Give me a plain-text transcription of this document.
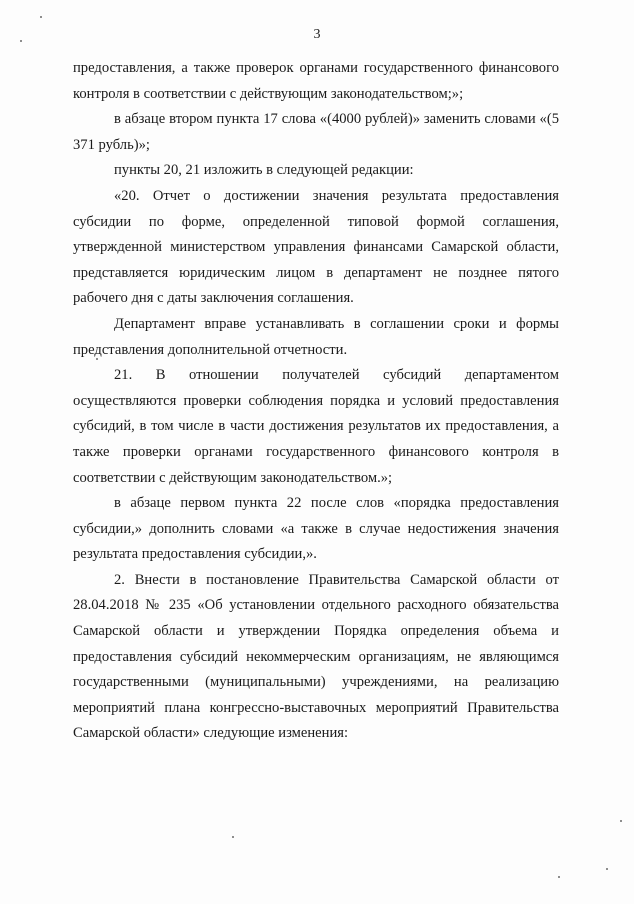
3

предоставления, а также проверок органами государственного финансового контроля в соответствии с действующим законодательством;»;

в абзаце втором пункта 17 слова «(4000 рублей)» заменить словами «(5 371 рубль)»;

пункты 20, 21 изложить в следующей редакции:

«20. Отчет о достижении значения результата предоставления субсидии по форме, определенной типовой формой соглашения, утвержденной министерством управления финансами Самарской области, представляется юридическим лицом в департамент не позднее пятого рабочего дня с даты заключения соглашения.

Департамент вправе устанавливать в соглашении сроки и формы представления дополнительной отчетности.

21. В отношении получателей субсидий департаментом осуществляются проверки соблюдения порядка и условий предоставления субсидий, в том числе в части достижения результатов их предоставления, а также проверки органами государственного финансового контроля в соответствии с действующим законодательством.»;

в абзаце первом пункта 22 после слов «порядка предоставления субсидии,» дополнить словами «а также в случае недостижения значения результата предоставления субсидии,».

2. Внести в постановление Правительства Самарской области от 28.04.2018 № 235 «Об установлении отдельного расходного обязательства Самарской области и утверждении Порядка определения объема и предоставления субсидий некоммерческим организациям, не являющимся государственными (муниципальными) учреждениями, на реализацию мероприятий плана конгрессно-выставочных мероприятий Правительства Самарской области» следующие изменения:
